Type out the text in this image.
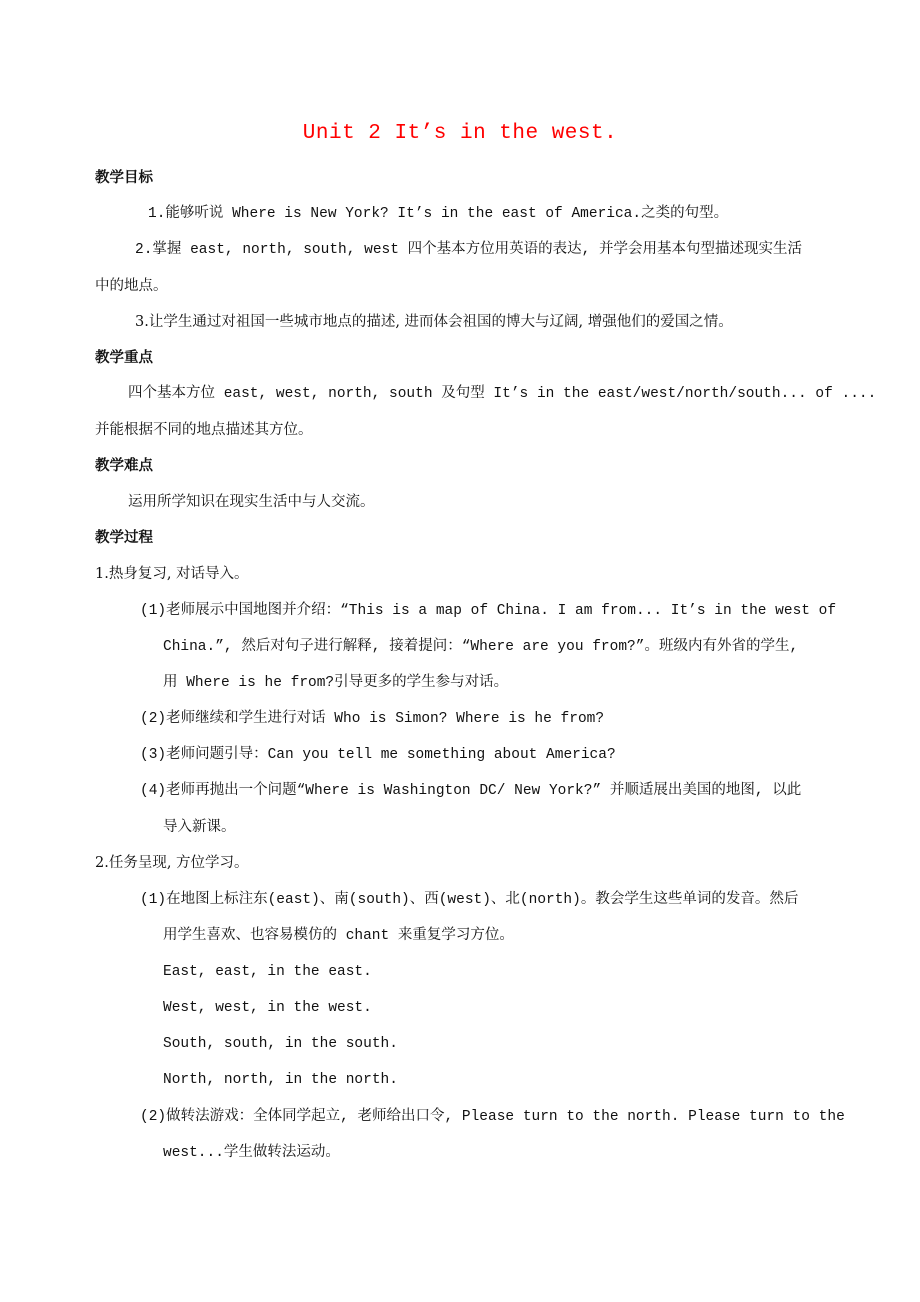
Unit 2 It’s in the west.
教学目标
1.能够听说 Where is New York? It’s in the east of America.之类的句型。
2.掌握 east, north, south, west 四个基本方位用英语的表达, 并学会用基本句型描述现实生活
中的地点。
3.让学生通过对祖国一些城市地点的描述, 进而体会祖国的博大与辽阔, 增强他们的爱国之情。
教学重点
四个基本方位 east, west, north, south 及句型 It’s in the east/west/north/south... of ....
并能根据不同的地点描述其方位。
教学难点
运用所学知识在现实生活中与人交流。
教学过程
1.热身复习, 对话导入。
(1)老师展示中国地图并介绍：“This is a map of China. I am from... It’s in the west of
China.”, 然后对句子进行解释, 接着提问：“Where are you from?”。班级内有外省的学生,
用 Where is he from?引导更多的学生参与对话。
(2)老师继续和学生进行对话 Who is Simon? Where is he from?
(3)老师问题引导：Can you tell me something about America?
(4)老师再抛出一个问题“Where is Washington DC/ New York?” 并顺适展出美国的地图, 以此
导入新课。
2.任务呈现, 方位学习。
(1)在地图上标注东(east)、南(south)、西(west)、北(north)。教会学生这些单词的发音。然后
用学生喜欢、也容易模仿的 chant 来重复学习方位。
East, east, in the east.
West, west, in the west.
South, south, in the south.
North, north, in the north.
(2)做转法游戏：全体同学起立, 老师给出口令, Please turn to the north. Please turn to the
west...学生做转法运动。
